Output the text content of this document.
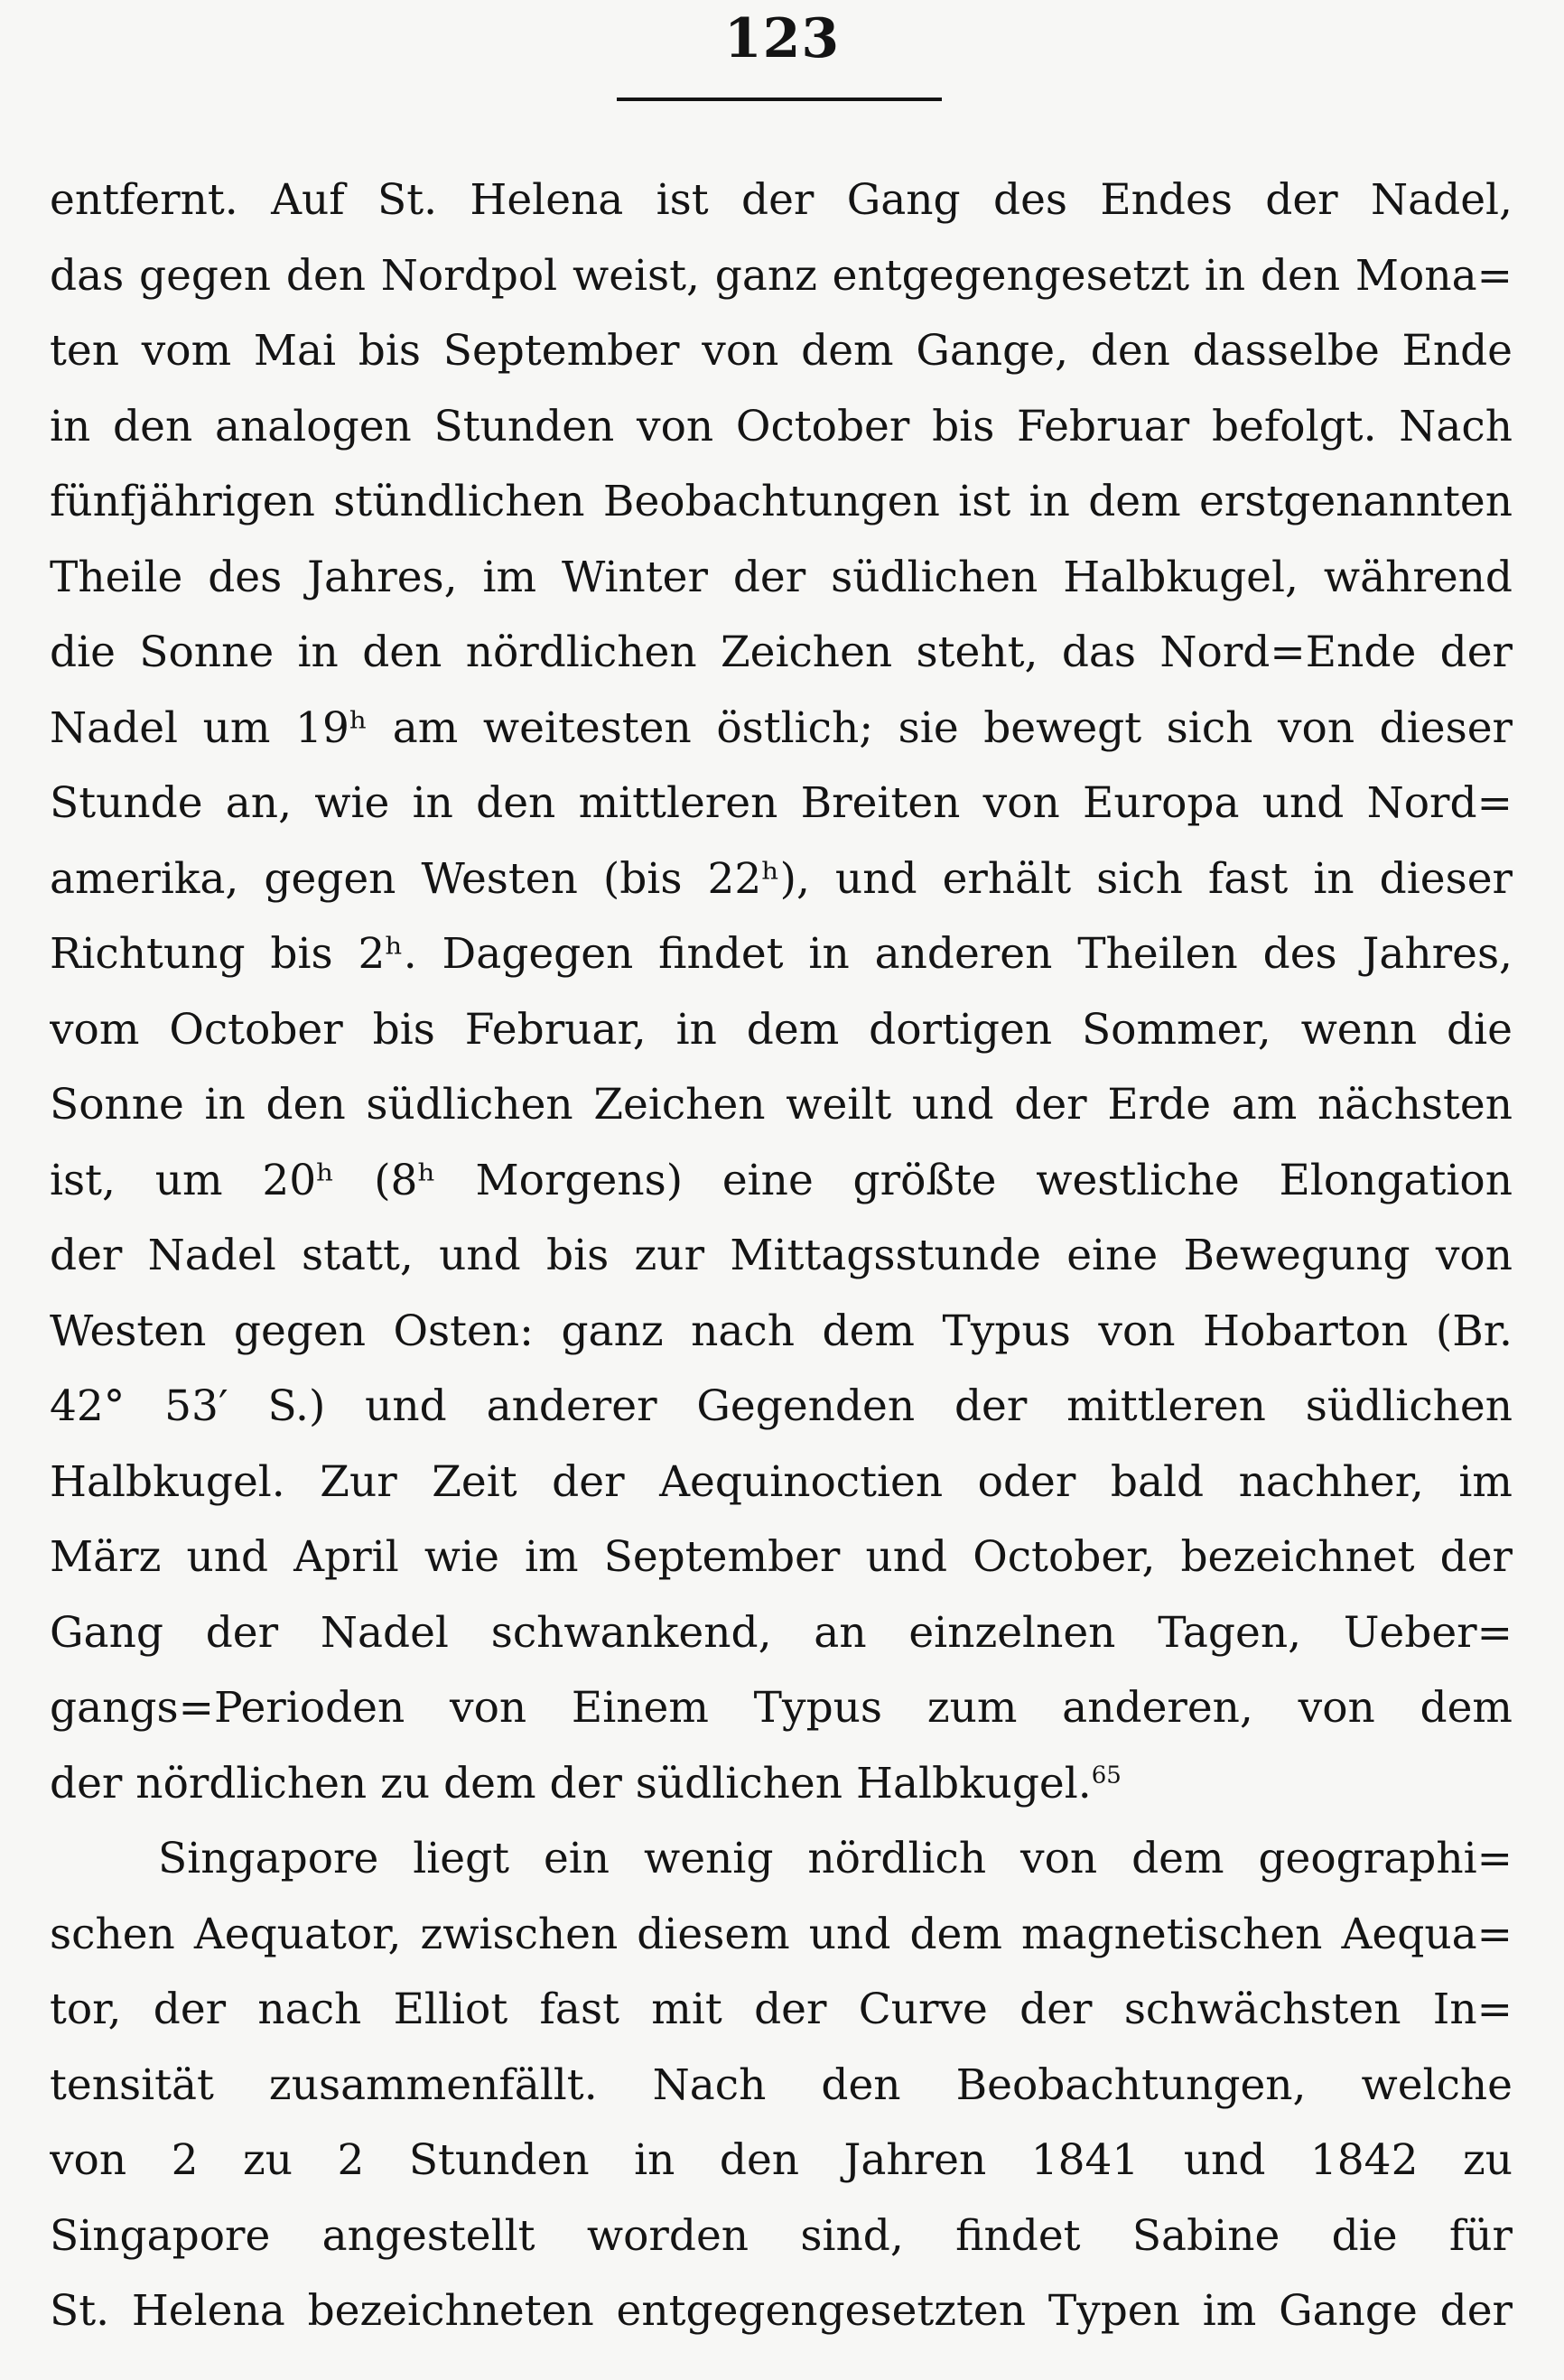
123
entfernt. Auf St. Helena ist der Gang des Endes der Nadel,
das gegen den Nordpol weist, ganz entgegengesetzt in den Mona=
ten vom Mai bis September von dem Gange, den dasselbe Ende
in den analogen Stunden von October bis Februar befolgt. Nach
fünfjährigen stündlichen Beobachtungen ist in dem erstgenannten
Theile des Jahres, im Winter der südlichen Halbkugel, während
die Sonne in den nördlichen Zeichen steht, das Nord=Ende der
Nadel um 19ʰ am weitesten östlich; sie bewegt sich von dieser
Stunde an, wie in den mittleren Breiten von Europa und Nord=
amerika, gegen Westen (bis 22ʰ), und erhält sich fast in dieser
Richtung bis 2ʰ. Dagegen findet in anderen Theilen des Jahres,
vom October bis Februar, in dem dortigen Sommer, wenn die
Sonne in den südlichen Zeichen weilt und der Erde am nächsten
ist, um 20ʰ (8ʰ Morgens) eine größte westliche Elongation
der Nadel statt, und bis zur Mittagsstunde eine Bewegung von
Westen gegen Osten: ganz nach dem Typus von Hobarton (Br.
42° 53′ S.) und anderer Gegenden der mittleren südlichen
Halbkugel. Zur Zeit der Aequinoctien oder bald nachher, im
März und April wie im September und October, bezeichnet der
Gang der Nadel schwankend, an einzelnen Tagen, Ueber=
gangs=Perioden von Einem Typus zum anderen, von dem
der nördlichen zu dem der südlichen Halbkugel.$^{65}$
Singapore liegt ein wenig nördlich von dem geographi=
schen Aequator, zwischen diesem und dem magnetischen Aequa=
tor, der nach Elliot fast mit der Curve der schwächsten In=
tensität zusammenfällt. Nach den Beobachtungen, welche
von 2 zu 2 Stunden in den Jahren 1841 und 1842 zu
Singapore angestellt worden sind, findet Sabine die für
St. Helena bezeichneten entgegengesetzten Typen im Gange der
